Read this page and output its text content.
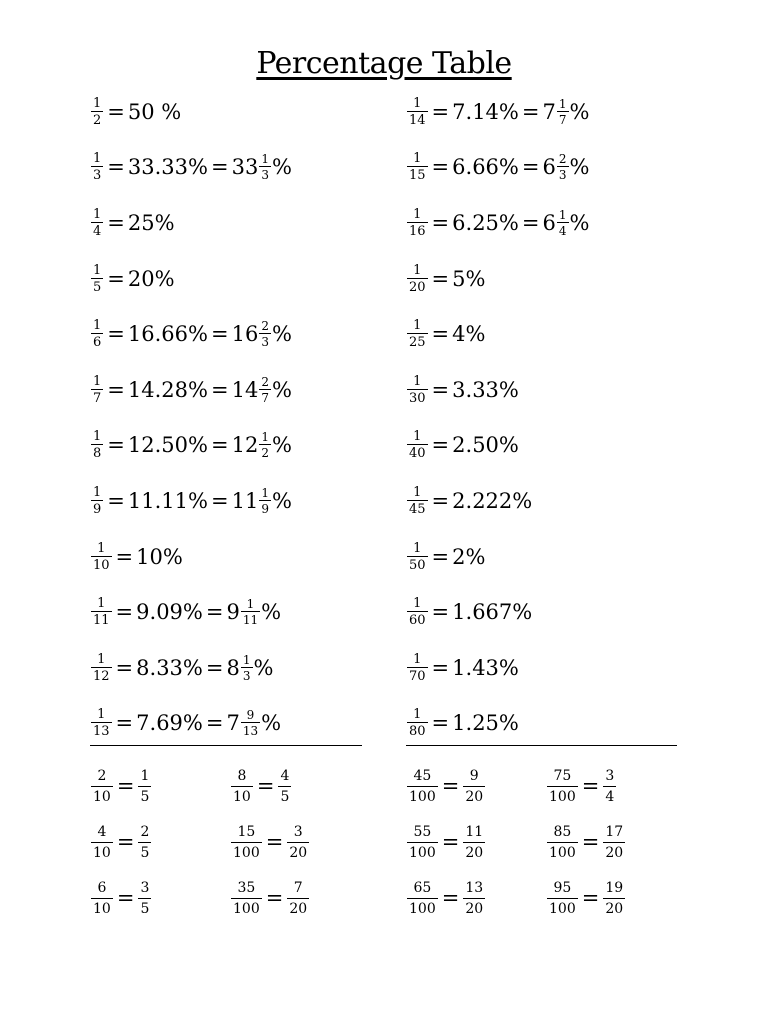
Percentage Table
$\frac{1}{2} = 50$ %
$\frac{1}{3} = 33.33\% = 33 \frac{1}{3}$ %
$\frac{1}{4} = 25\%$
$\frac{1}{5} = 20\%$
$\frac{1}{6} = 16.66\% = 16 \frac{2}{3}$ %
$\frac{1}{7} = 14.28\% = 14 \frac{2}{7}$ %
$\frac{1}{8} = 12.50\% = 12 \frac{1}{2}$ %
$\frac{1}{9} = 11.11\% = 11 \frac{1}{9}$ %
$\frac{1}{10} = 10\%$
$\frac{1}{11} = 9.09\% = 9 \frac{1}{11}$ %
$\frac{1}{12} = 8.33\% = 8 \frac{1}{3}$ %
$\frac{1}{13} = 7.69\% = 7 \frac{9}{13}$ %
$\frac{1}{14} = 7.14\% = 7 \frac{1}{7}$ %
$\frac{1}{15} = 6.66\% = 6 \frac{2}{3}$ %
$\frac{1}{16} = 6.25\% = 6 \frac{1}{4}$ %
$\frac{1}{20} = 5\%$
$\frac{1}{25} = 4\%$
$\frac{1}{30} = 3.33\%$
$\frac{1}{40} = 2.50\%$
$\frac{1}{45} = 2.222\%$
$\frac{1}{50} = 2\%$
$\frac{1}{60} = 1.667\%$
$\frac{1}{70} = 1.43\%$
$\frac{1}{80} = 1.25\%$
$\frac{2}{10} = \frac{1}{5}$
$\frac{4}{10} = \frac{2}{5}$
$\frac{6}{10} = \frac{3}{5}$
$\frac{8}{10} = \frac{4}{5}$
$\frac{15}{100} = \frac{3}{20}$
$\frac{35}{100} = \frac{7}{20}$
$\frac{45}{100} = \frac{9}{20}$
$\frac{55}{100} = \frac{11}{20}$
$\frac{65}{100} = \frac{13}{20}$
$\frac{75}{100} = \frac{3}{4}$
$\frac{85}{100} = \frac{17}{20}$
$\frac{95}{100} = \frac{19}{20}$
